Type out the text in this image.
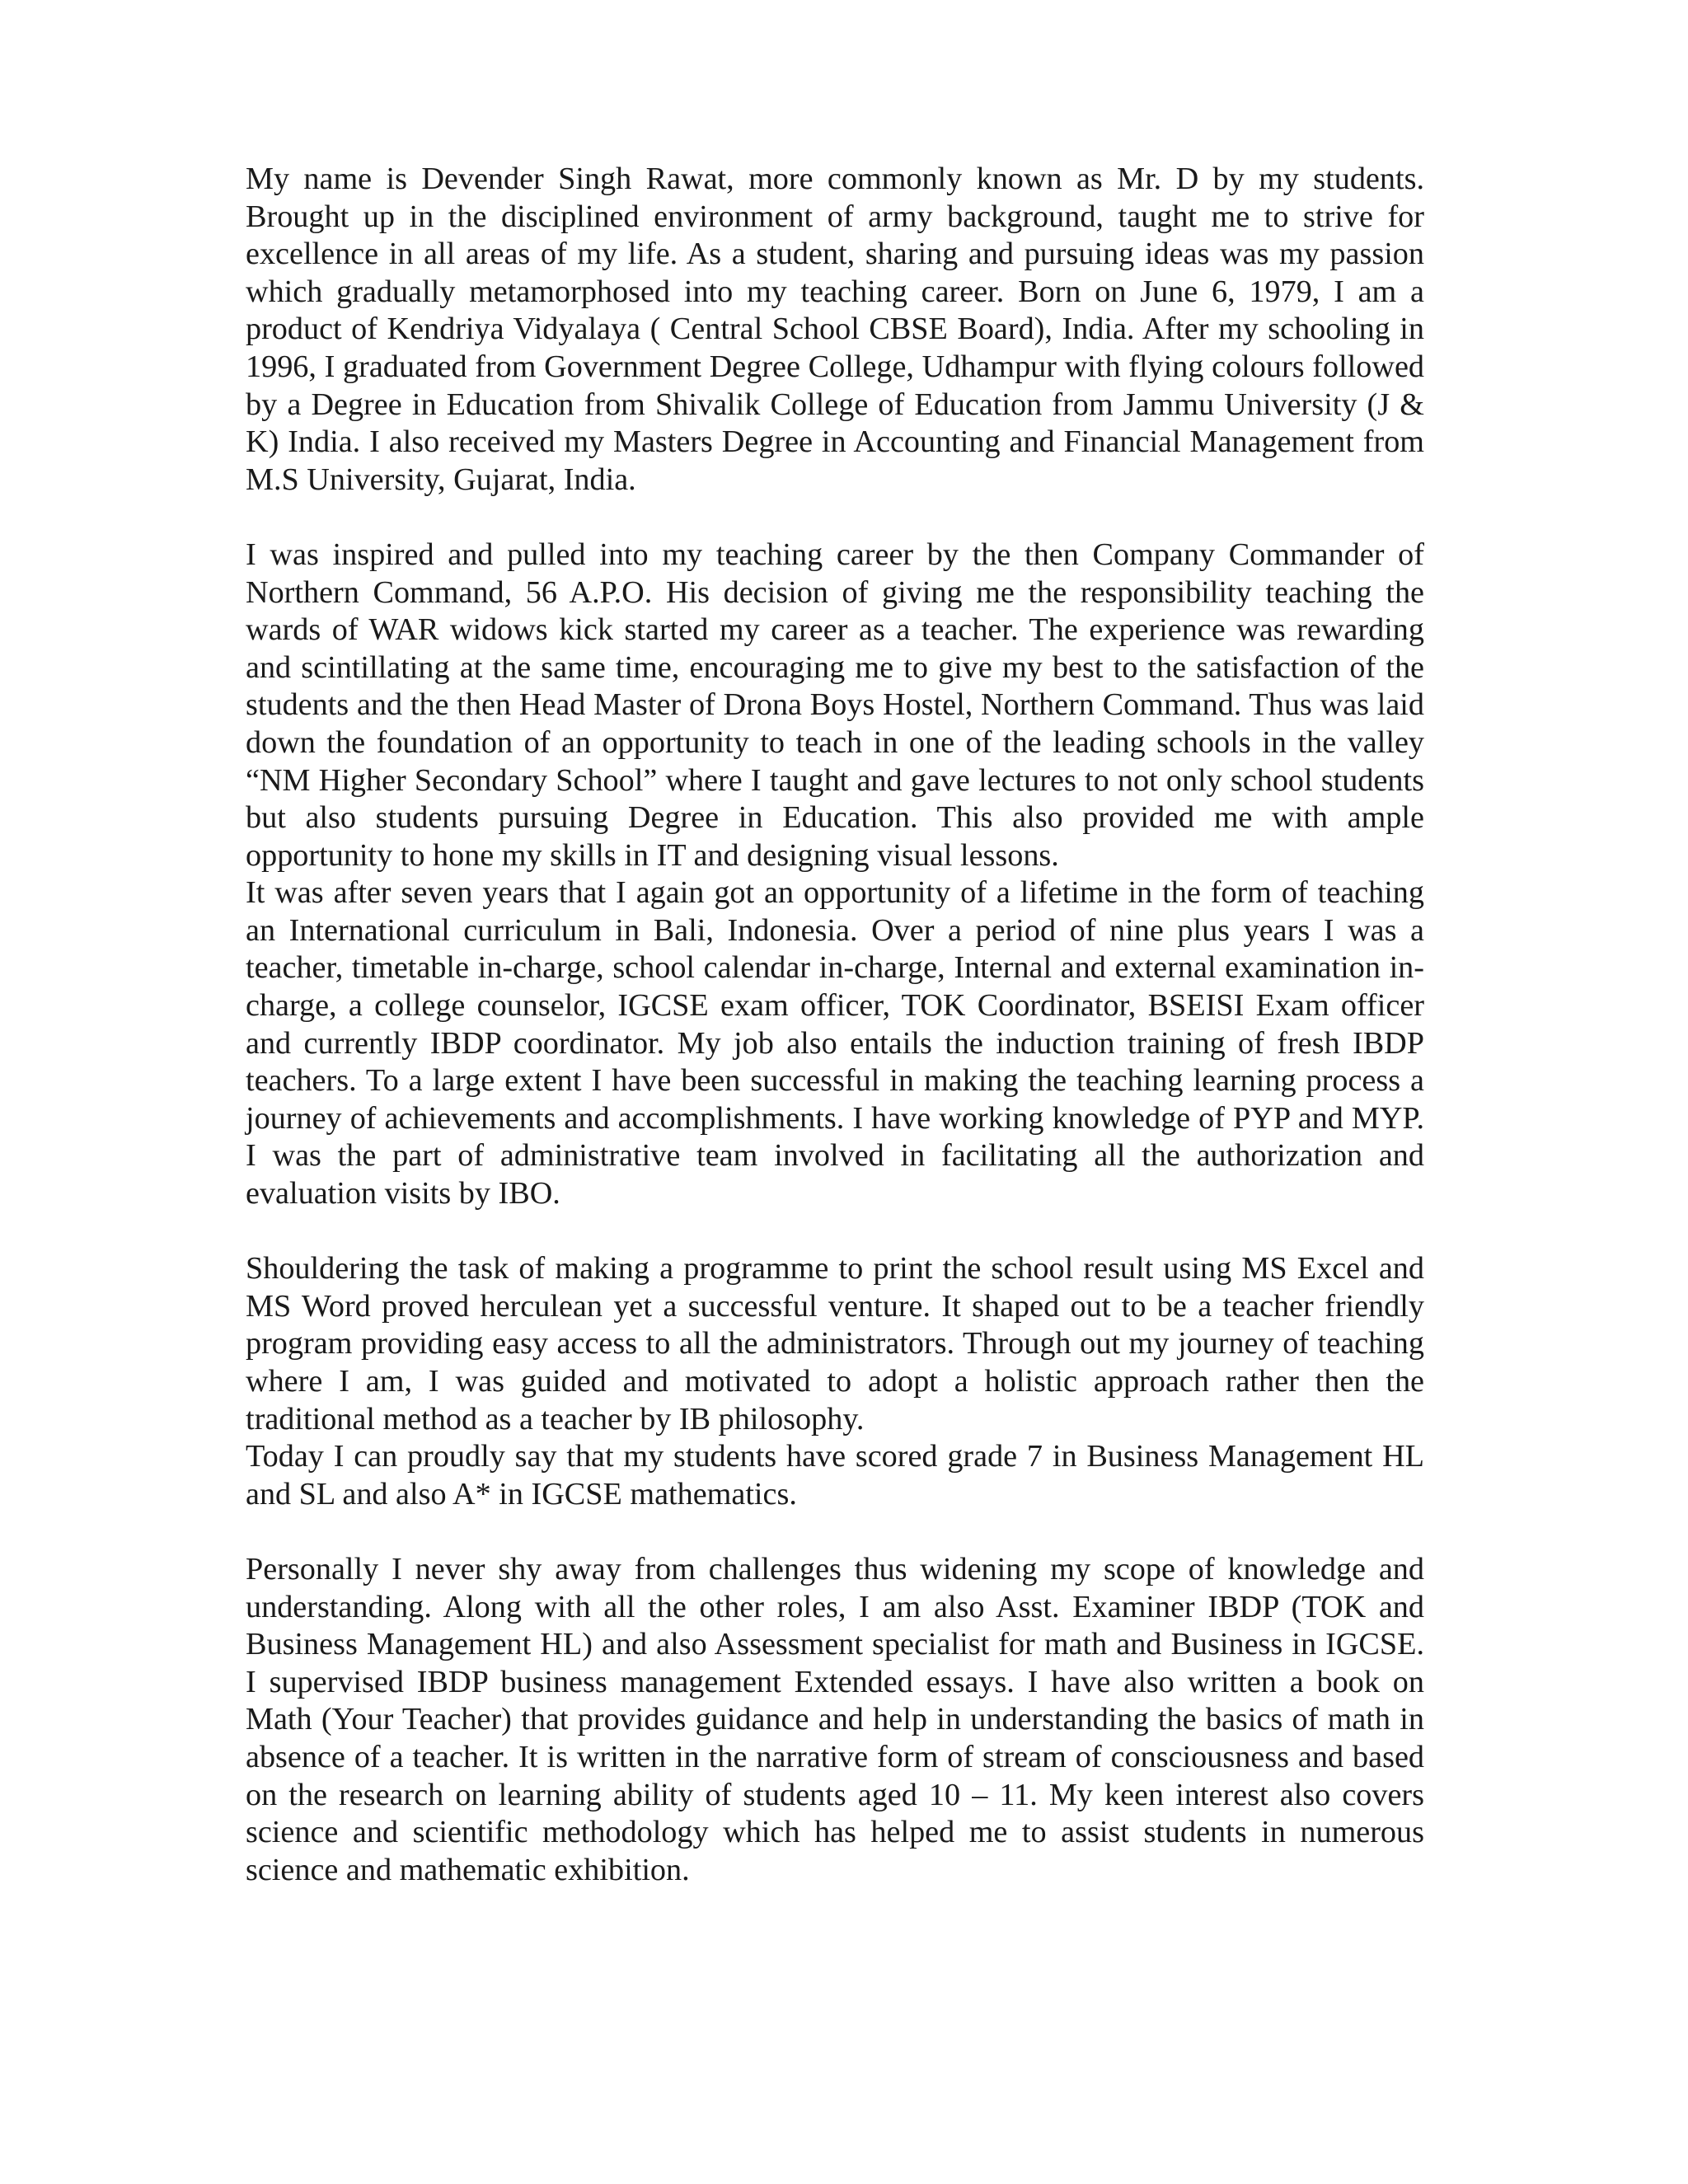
My name is Devender Singh Rawat, more commonly known as Mr. D by my students. Brought up in the disciplined environment of army background, taught me to strive for excellence in all areas of my life. As a student, sharing and pursuing ideas was my passion which gradually metamorphosed into my teaching career. Born on June 6, 1979, I am a product of Kendriya Vidyalaya ( Central School CBSE Board), India. After my schooling in 1996, I graduated from Government Degree College, Udhampur with flying colours followed by a Degree in Education from Shivalik College of Education from Jammu University (J & K) India. I also received my Masters Degree in Accounting and Financial Management from M.S University, Gujarat, India.

I was inspired and pulled into my teaching career by the then Company Commander of Northern Command, 56 A.P.O. His decision of giving me the responsibility teaching the wards of WAR widows kick started my career as a teacher. The experience was rewarding and scintillating at the same time, encouraging me to give my best to the satisfaction of the students and the then Head Master of Drona Boys Hostel, Northern Command. Thus was laid down the foundation of an opportunity to teach in one of the leading schools in the valley “NM Higher Secondary School” where I taught and gave lectures to not only school students but also students pursuing Degree in Education. This also provided me with ample opportunity to hone my skills in IT and designing visual lessons.

It was after seven years that I again got an opportunity of a lifetime in the form of teaching an International curriculum in Bali, Indonesia. Over a period of nine plus years I was a teacher, timetable in-charge, school calendar in-charge, Internal and external examination in-charge, a college counselor, IGCSE exam officer, TOK Coordinator, BSEISI Exam officer and currently IBDP coordinator. My job also entails the induction training of fresh IBDP teachers. To a large extent I have been successful in making the teaching learning process a journey of achievements and accomplishments. I have working knowledge of PYP and MYP. I was the part of administrative team involved in facilitating all the authorization and evaluation visits by IBO.

Shouldering the task of making a programme to print the school result using MS Excel and MS Word proved herculean yet a successful venture. It shaped out to be a teacher friendly program providing easy access to all the administrators. Through out my journey of teaching where I am, I was guided and motivated to adopt a holistic approach rather then the traditional method as a teacher by IB philosophy.

Today I can proudly say that my students have scored grade 7 in Business Management HL and SL and also A* in IGCSE mathematics.

Personally I never shy away from challenges thus widening my scope of knowledge and understanding. Along with all the other roles, I am also Asst. Examiner IBDP (TOK and Business Management HL) and also Assessment specialist for math and Business in IGCSE. I supervised IBDP business management Extended essays. I have also written a book on Math (Your Teacher) that provides guidance and help in understanding the basics of math in absence of a teacher. It is written in the narrative form of stream of consciousness and based on the research on learning ability of students aged 10 – 11. My keen interest also covers science and scientific methodology which has helped me to assist students in numerous science and mathematic exhibition.
